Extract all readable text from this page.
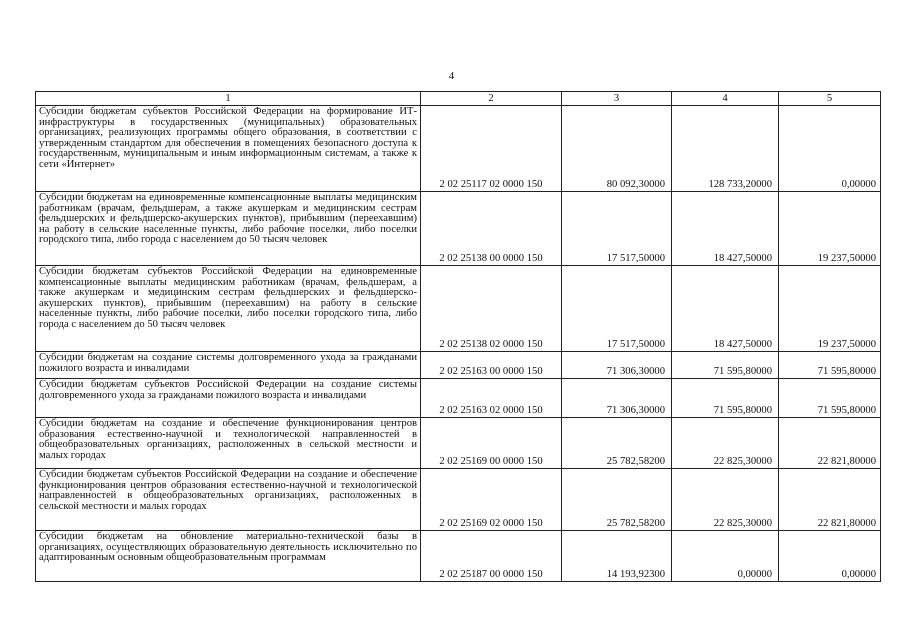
4
1	2	3	4	5
Субсидии бюджетам субъектов Российской Федерации на формирование ИТ-инфраструктуры в государственных (муниципальных) образовательных организациях, реализующих программы общего образования, в соответствии с утвержденным стандартом для обеспечения в помещениях безопасного доступа к государственным, муниципальным и иным информационным системам, а также к сети «Интернет»	2 02 25117 02 0000 150	80 092,30000	128 733,20000	0,00000
Субсидии бюджетам на единовременные компенсационные выплаты медицинским работникам (врачам, фельдшерам, а также акушеркам и медицинским сестрам фельдшерских и фельдшерско-акушерских пунктов), прибывшим (переехавшим) на работу в сельские населенные пункты, либо рабочие поселки, либо поселки городского типа, либо города с населением до 50 тысяч человек	2 02 25138 00 0000 150	17 517,50000	18 427,50000	19 237,50000
Субсидии бюджетам субъектов Российской Федерации на единовременные компенсационные выплаты медицинским работникам (врачам, фельдшерам, а также акушеркам и медицинским сестрам фельдшерских и фельдшерско-акушерских пунктов), прибывшим (переехавшим) на работу в сельские населенные пункты, либо рабочие поселки, либо поселки городского типа, либо города с населением до 50 тысяч человек	2 02 25138 02 0000 150	17 517,50000	18 427,50000	19 237,50000
Субсидии бюджетам на создание системы долговременного ухода за гражданами пожилого возраста и инвалидами	2 02 25163 00 0000 150	71 306,30000	71 595,80000	71 595,80000
Субсидии бюджетам субъектов Российской Федерации на создание системы долговременного ухода за гражданами пожилого возраста и инвалидами	2 02 25163 02 0000 150	71 306,30000	71 595,80000	71 595,80000
Субсидии бюджетам на создание и обеспечение функционирования центров образования естественно-научной и технологической направленностей в общеобразовательных организациях, расположенных в сельской местности и малых городах	2 02 25169 00 0000 150	25 782,58200	22 825,30000	22 821,80000
Субсидии бюджетам субъектов Российской Федерации на создание и обеспечение функционирования центров образования естественно-научной и технологической направленностей в общеобразовательных организациях, расположенных в сельской местности и малых городах	2 02 25169 02 0000 150	25 782,58200	22 825,30000	22 821,80000
Субсидии бюджетам на обновление материально-технической базы в организациях, осуществляющих образовательную деятельность исключительно по адаптированным основным общеобразовательным программам	2 02 25187 00 0000 150	14 193,92300	0,00000	0,00000
